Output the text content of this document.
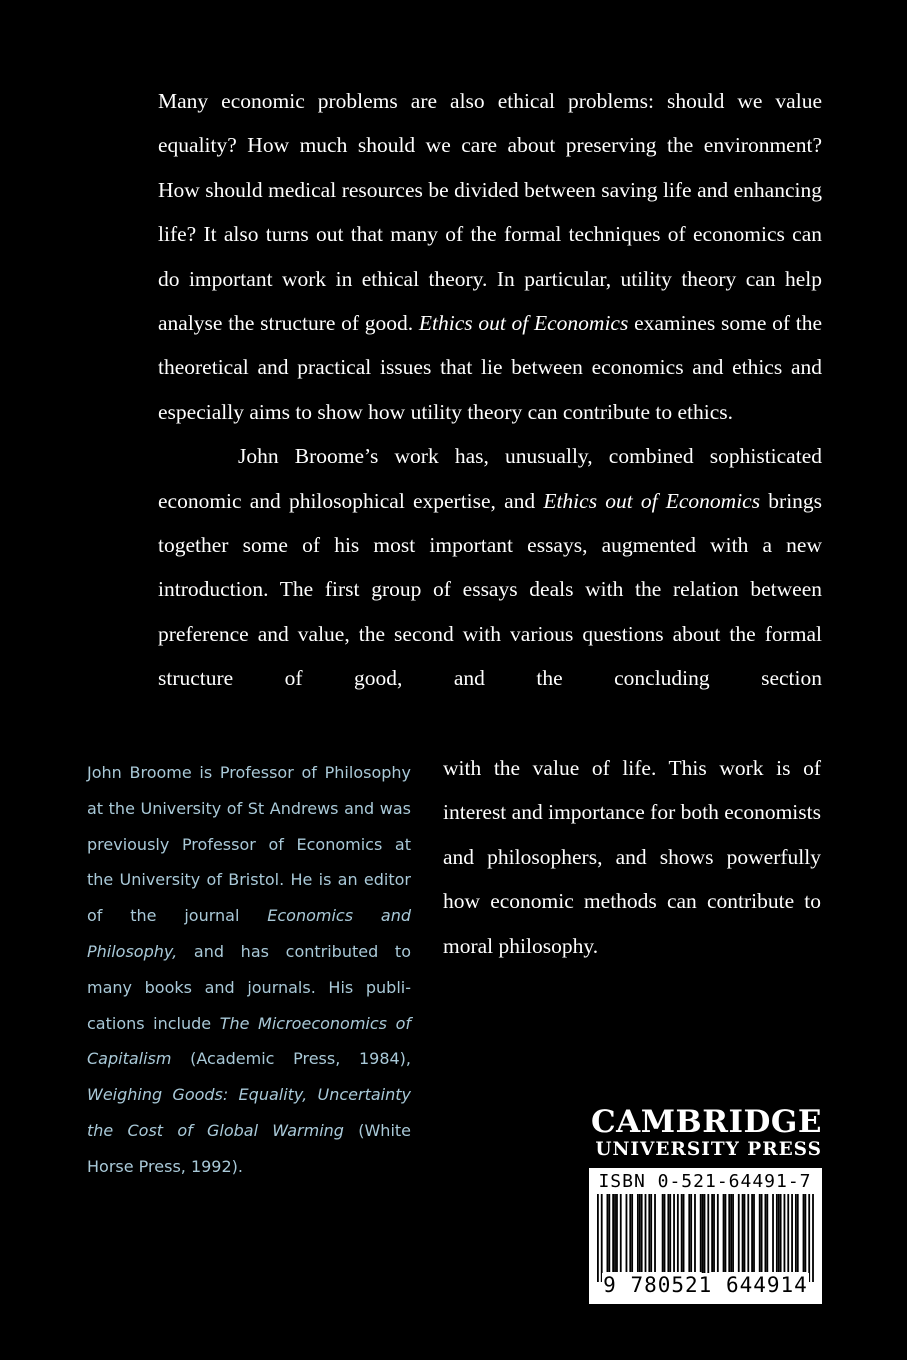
Many economic problems are also ethical problems: should we value equality? How much should we care about preserving the environment? How should medical resources be divided between saving life and enhancing life? It also turns out that many of the formal techniques of economics can do important work in ethical theory. In particular, utility theory can help analyse the structure of good. Ethics out of Economics examines some of the theoretical and practical issues that lie between economics and ethics and especially aims to show how utility theory can contribute to ethics.

John Broome’s work has, unusually, combined sophisticated economic and philosophical expertise, and Ethics out of Economics brings together some of his most important essays, augmented with a new introduction. The first group of essays deals with the relation between preference and value, the second with various questions about the formal structure of good, and the concluding section

with the value of life. This work is of interest and importance for both economists and philosophers, and shows powerfully how economic methods can contribute to moral philosophy.

John Broome is Professor of Philosophy at the University of St Andrews and was previously Professor of Economics at the University of Bristol. He is an editor of the journal Economics and Philosophy, and has contributed to many books and journals. His publications include The Microeconomics of Capitalism (Academic Press, 1984), Weighing Goods: Equality, Uncertainty the Cost of Global Warming (White Horse Press, 1992).

CAMBRIDGE
UNIVERSITY PRESS
ISBN 0-521-64491-7
9 780521 644914
